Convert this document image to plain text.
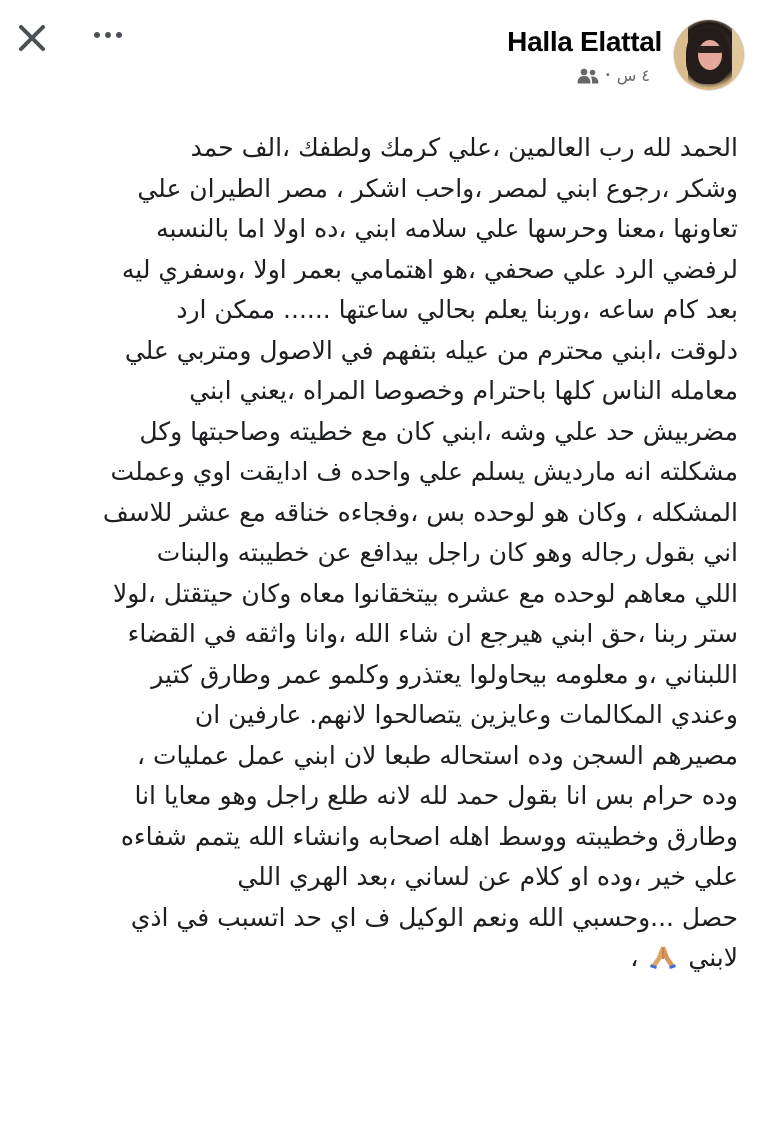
Halla Elattal
٤ س
•
الحمد لله رب العالمين ،علي كرمك ولطفك ،الف حمد
وشكر ،رجوع ابني لمصر ،واحب اشكر ، مصر الطيران علي
تعاونها ،معنا وحرسها علي سلامه ابني ،ده اولا اما بالنسبه
لرفضي الرد علي صحفي ،هو اهتمامي بعمر اولا ،وسفري ليه
بعد كام ساعه ،وربنا يعلم بحالي ساعتها ...... ممكن ارد
دلوقت ،ابني محترم من عيله بتفهم في الاصول ومتربي علي
معامله الناس كلها باحترام وخصوصا المراه ،يعني ابني
مضربيش حد علي وشه ،ابني كان مع خطيته وصاحبتها وكل
مشكلته انه ماردیش يسلم علي واحده ف ادايقت اوي وعملت
المشكله ، وكان هو لوحده بس ،وفجاءه خناقه مع عشر للاسف
اني بقول رجاله وهو كان راجل بيدافع عن خطيبته والبنات
اللي معاهم لوحده مع عشره بيتخقانوا معاه وكان حيتقتل ،لولا
ستر ربنا ،حق ابني هيرجع ان شاء الله ،وانا واثقه في القضاء
اللبناني ،و معلومه بيحاولوا يعتذرو وكلمو عمر وطارق كتير
وعندي المكالمات وعايزين يتصالحوا لانهم. عارفين ان
مصيرهم السجن وده استحاله طبعا لان ابني عمل عمليات ،
وده حرام بس انا بقول حمد لله لانه طلع راجل وهو معايا انا
وطارق وخطيبته ووسط اهله اصحابه وانشاء الله يتمم شفاءه
علي خير ،وده او كلام عن لساني ،بعد الهري اللي
حصل ...وحسبي الله ونعم الوكيل ف اي حد اتسبب في اذي
لابني  ،
